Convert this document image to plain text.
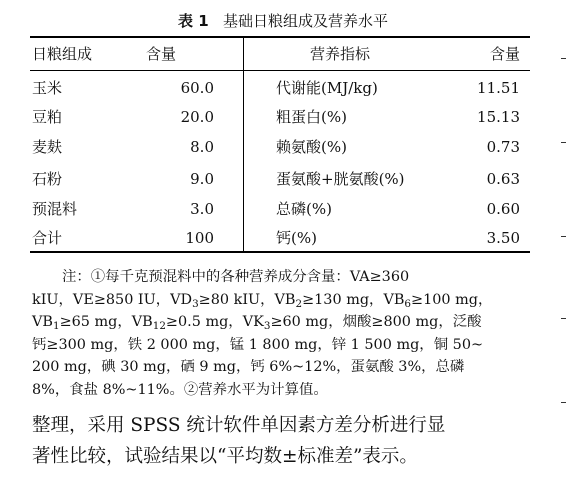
表 1 基础日粮组成及营养水平
日粮组成	含量	营养指标	含量
玉米	60.0	代谢能(MJ/kg)	11.51
豆粕	20.0	粗蛋白(%)	15.13
麦麸	8.0	赖氨酸(%)	0.73
石粉	9.0	蛋氨酸+胱氨酸(%)	0.63
预混料	3.0	总磷(%)	0.60
合计	100	钙(%)	3.50
注：①每千克预混料中的各种营养成分含量：VA≥360
kIU，VE≥850 IU，$VD_3\ge 80$ kIU，$VB_2\ge 130$ mg，$VB_6\ge 100$ mg，
$VB_1\ge 65$ mg，$VB_{12}\ge 0.5$ mg，$VK_3\ge 60$ mg，烟酸≥800 mg，泛酸
钙≥300 mg，铁 2 000 mg，锰 1 800 mg，锌 1 500 mg，铜 50~
200 mg，碘 30 mg，硒 9 mg，钙 6%~12%，蛋氨酸 3%，总磷
8%，食盐 8%~11%。②营养水平为计算值。
整理，采用 SPSS 统计软件单因素方差分析进行显
著性比较，试验结果以“平均数±标准差”表示。
